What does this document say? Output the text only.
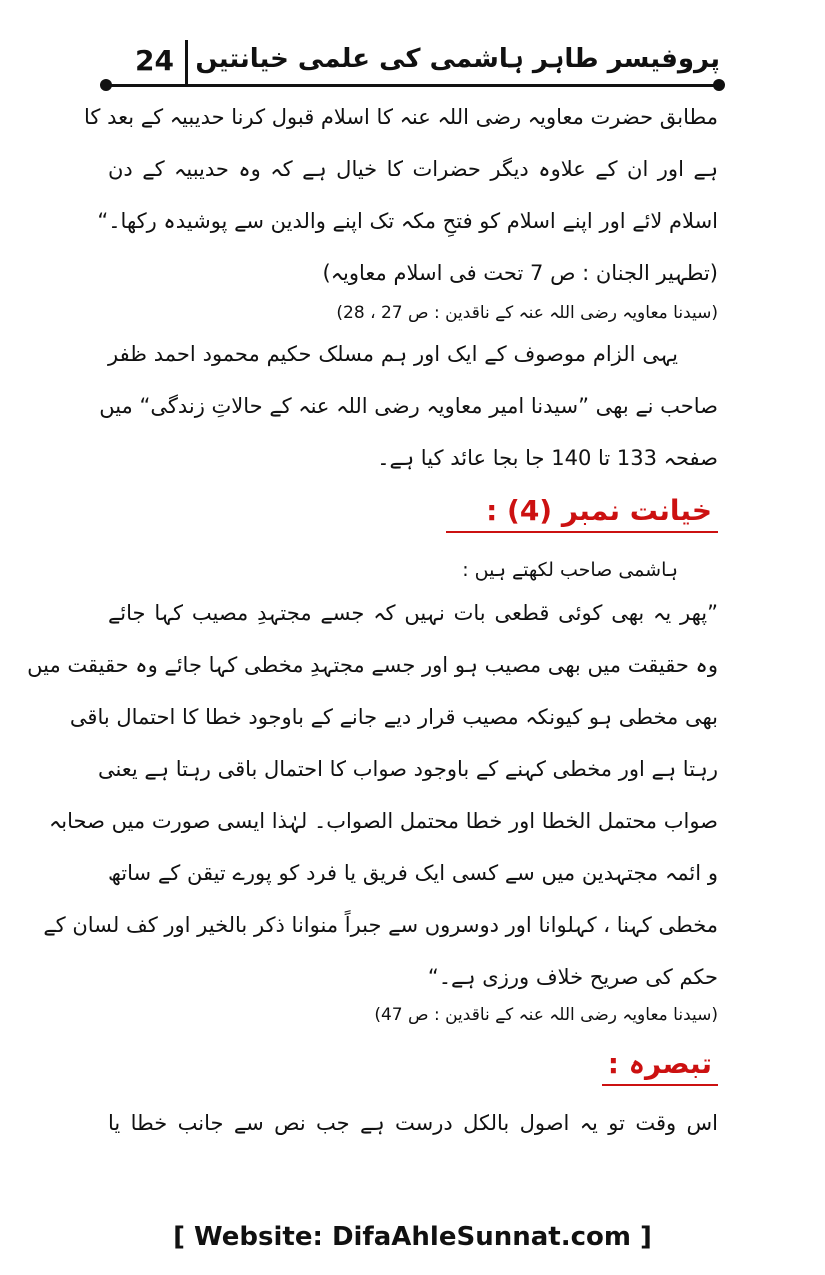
24 پروفیسر طاہر ہاشمی کی علمی خیانتیں
مطابق حضرت معاویہ رضی اللہ عنہ کا اسلام قبول کرنا حدیبیہ کے بعد کا
ہے اور ان کے علاوہ دیگر حضرات کا خیال ہے کہ وہ حدیبیہ کے دن
اسلام لائے اور اپنے اسلام کو فتحِ مکہ تک اپنے والدین سے پوشیدہ رکھا۔“
(تطہیر الجنان : ص 7 تحت فی اسلام معاویہ)
(سیدنا معاویہ رضی اللہ عنہ کے ناقدین : ص 27 ، 28)
یہی الزام موصوف کے ایک اور ہم مسلک حکیم محمود احمد ظفر
صاحب نے بھی ”سیدنا امیر معاویہ رضی اللہ عنہ کے حالاتِ زندگی“ میں
صفحہ 133 تا 140 جا بجا عائد کیا ہے۔
خیانت نمبر (4) :
ہاشمی صاحب لکھتے ہیں :
”پھر یہ بھی کوئی قطعی بات نہیں کہ جسے مجتہدِ مصیب کہا جائے
وہ حقیقت میں بھی مصیب ہو اور جسے مجتہدِ مخطی کہا جائے وہ حقیقت میں
بھی مخطی ہو کیونکہ مصیب قرار دیے جانے کے باوجود خطا کا احتمال باقی
رہتا ہے اور مخطی کہنے کے باوجود صواب کا احتمال باقی رہتا ہے یعنی
صواب محتمل الخطا اور خطا محتمل الصواب۔ لہٰذا ایسی صورت میں صحابہ
و ائمہ مجتہدین میں سے کسی ایک فریق یا فرد کو پورے تیقن کے ساتھ
مخطی کہنا ، کہلوانا اور دوسروں سے جبراً منوانا ذکر بالخیر اور کف لسان کے
حکم کی صریح خلاف ورزی ہے۔“
(سیدنا معاویہ رضی اللہ عنہ کے ناقدین : ص 47)
تبصرہ :
اس وقت تو یہ اصول بالکل درست ہے جب نص سے جانب خطا یا
[ Website: DifaAhleSunnat.com ]
